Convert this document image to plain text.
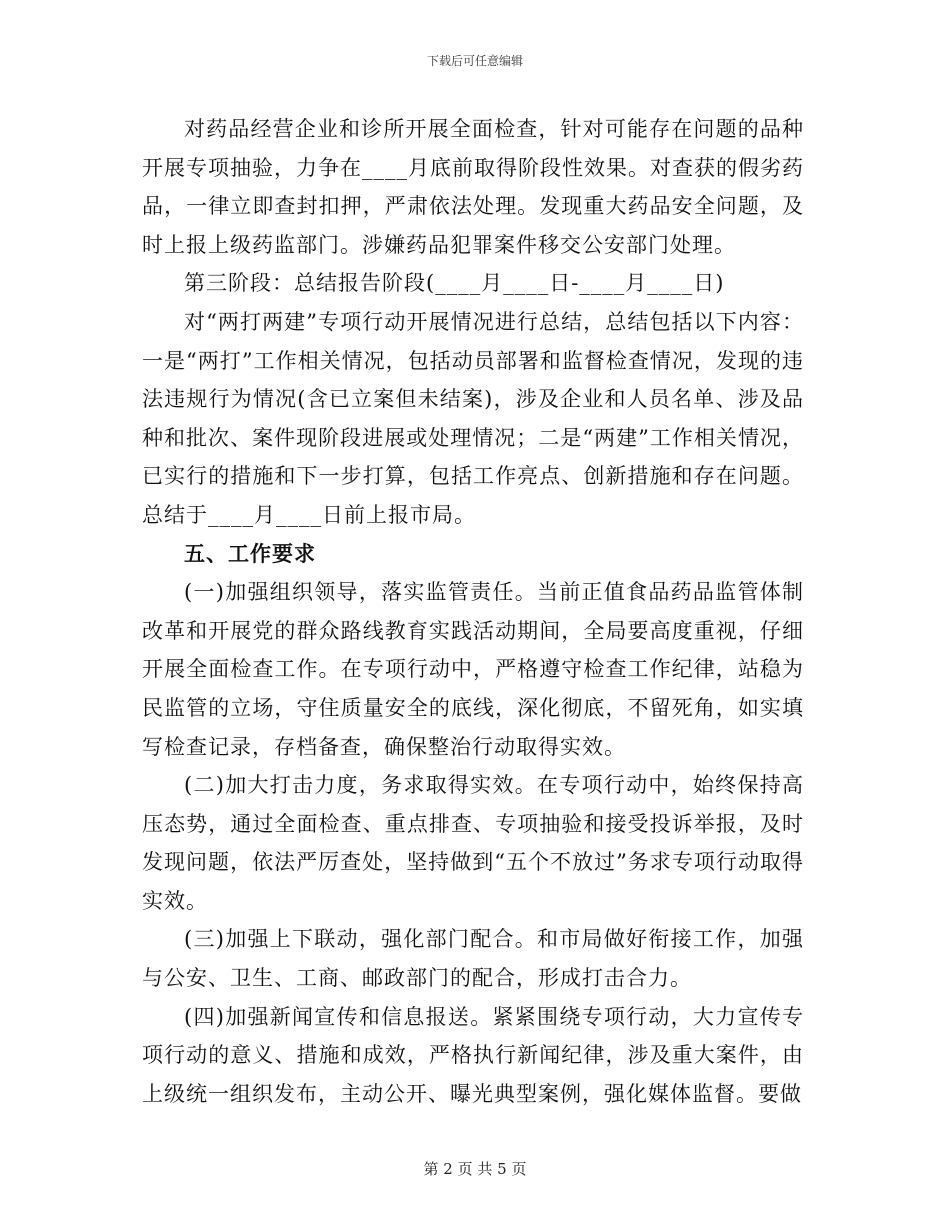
下载后可任意编辑

对药品经营企业和诊所开展全面检查，针对可能存在问题的品种开展专项抽验，力争在____月底前取得阶段性效果。对查获的假劣药品，一律立即查封扣押，严肃依法处理。发现重大药品安全问题，及时上报上级药监部门。涉嫌药品犯罪案件移交公安部门处理。

第三阶段：总结报告阶段(____月____日-____月____日)

对“两打两建”专项行动开展情况进行总结，总结包括以下内容：一是“两打”工作相关情况，包括动员部署和监督检查情况，发现的违法违规行为情况(含已立案但未结案)，涉及企业和人员名单、涉及品种和批次、案件现阶段进展或处理情况；二是“两建”工作相关情况，已实行的措施和下一步打算，包括工作亮点、创新措施和存在问题。总结于____月____日前上报市局。

五、工作要求

(一)加强组织领导，落实监管责任。当前正值食品药品监管体制改革和开展党的群众路线教育实践活动期间，全局要高度重视，仔细开展全面检查工作。在专项行动中，严格遵守检查工作纪律，站稳为民监管的立场，守住质量安全的底线，深化彻底，不留死角，如实填写检查记录，存档备查，确保整治行动取得实效。

(二)加大打击力度，务求取得实效。在专项行动中，始终保持高压态势，通过全面检查、重点排查、专项抽验和接受投诉举报，及时发现问题，依法严厉查处，坚持做到“五个不放过”务求专项行动取得实效。

(三)加强上下联动，强化部门配合。和市局做好衔接工作，加强与公安、卫生、工商、邮政部门的配合，形成打击合力。

(四)加强新闻宣传和信息报送。紧紧围绕专项行动，大力宣传专项行动的意义、措施和成效，严格执行新闻纪律，涉及重大案件，由上级统一组织发布，主动公开、曝光典型案例，强化媒体监督。要做

第 2 页 共 5 页
